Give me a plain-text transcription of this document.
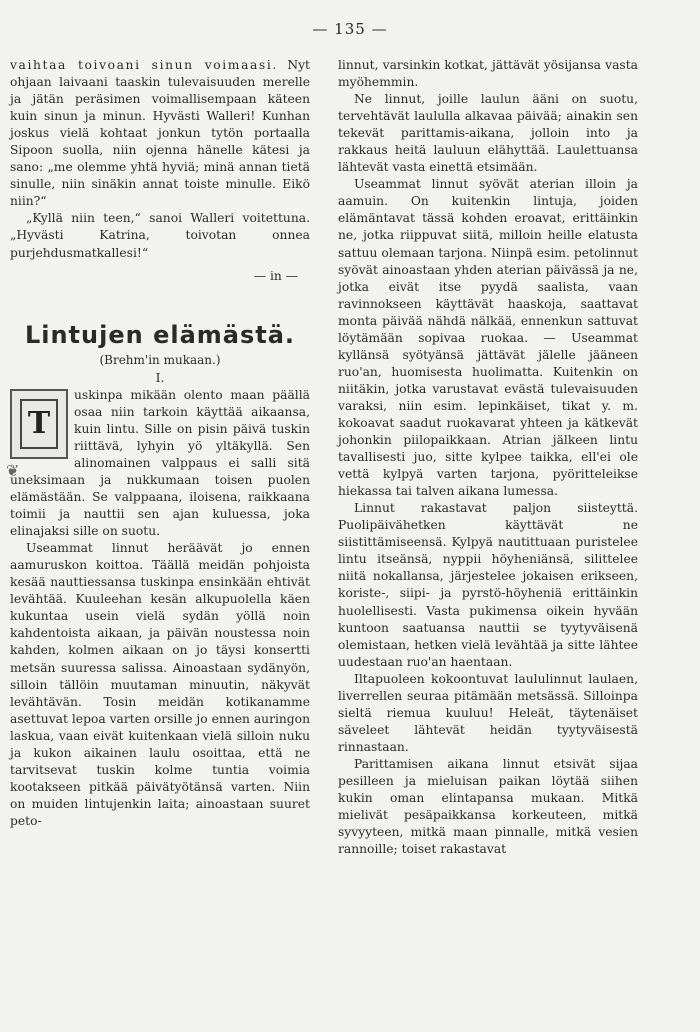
— 135 —

vaihtaa toivoani sinun voimaasi. Nyt ohjaan laivaani taaskin tulevaisuuden merelle ja jätän peräsimen voimallisempaan käteen kuin sinun ja minun. Hyvästi Walleri! Kunhan joskus vielä kohtaat jonkun tytön portaalla Sipoon suolla, niin ojenna hänelle kätesi ja sano: „me olemme yhtä hyviä; minä annan tietä sinulle, niin sinäkin annat toiste minulle. Eikö niin?“

„Kyllä niin teen,“ sanoi Walleri voitettuna. „Hyvästi Katrina, toivotan onnea purjehdusmatkallesi!“

— in —
Lintujen elämästä.
(Brehm'in mukaan.)
I.

T
❦
uskinpa mikään olento maan päällä osaa niin tarkoin käyttää aikaansa, kuin lintu. Sille on pisin päivä tuskin riittävä, lyhyin yö yltäkyllä. Sen alinomainen valppaus ei salli sitä uneksimaan ja nukkumaan toisen puolen elämästään. Se valppaana, iloisena, raikkaana toimii ja nauttii sen ajan kuluessa, joka elinajaksi sille on suotu.

Useammat linnut heräävät jo ennen aamuruskon koittoa. Täällä meidän pohjoista kesää nauttiessansa tuskinpa ensinkään ehtivät levähtää. Kuuleehan kesän alkupuolella käen kukuntaa usein vielä sydän yöllä noin kahdentoista aikaan, ja päivän noustessa noin kahden, kolmen aikaan on jo täysi konsertti metsän suuressa salissa. Ainoastaan sydänyön, silloin tällöin muutaman minuutin, näkyvät levähtävän. Tosin meidän kotikanamme asettuvat lepoa varten orsille jo ennen auringon laskua, vaan eivät kuitenkaan vielä silloin nuku ja kukon aikainen laulu osoittaa, että ne tarvitsevat tuskin kolme tuntia voimia kootakseen pitkää päivätyötänsä varten. Niin on muiden lintujenkin laita; ainoastaan suuret peto-

linnut, varsinkin kotkat, jättävät yösijansa vasta myöhemmin.

Ne linnut, joille laulun ääni on suotu, tervehtävät laululla alkavaa päivää; ainakin sen tekevät parittamis-aikana, jolloin into ja rakkaus heitä lauluun elähyttää. Laulettuansa lähtevät vasta einettä etsimään.

Useammat linnut syövät aterian illoin ja aamuin. On kuitenkin lintuja, joiden elämäntavat tässä kohden eroavat, erittäinkin ne, jotka riippuvat siitä, milloin heille elatusta sattuu olemaan tarjona. Niinpä esim. petolinnut syövät ainoastaan yhden aterian päivässä ja ne, jotka eivät itse pyydä saalista, vaan ravinnokseen käyttävät haaskoja, saattavat monta päivää nähdä nälkää, ennenkun sattuvat löytämään sopivaa ruokaa. — Useammat kyllänsä syötyänsä jättävät jälelle jääneen ruo'an, huomisesta huolimatta. Kuitenkin on niitäkin, jotka varustavat evästä tulevaisuuden varaksi, niin esim. lepinkäiset, tikat y. m. kokoavat saadut ruokavarat yhteen ja kätkevät johonkin piilopaikkaan. Atrian jälkeen lintu tavallisesti juo, sitte kylpee taikka, ell'ei ole vettä kylpyä varten tarjona, pyöritteleikse hiekassa tai talven aikana lumessa.

Linnut rakastavat paljon siisteyttä. Puolipäivähetken käyttävät ne siistittämiseensä. Kylpyä nautittuaan puristelee lintu itseänsä, nyppii höyheniänsä, silittelee niitä nokallansa, järjestelee jokaisen erikseen, koriste-, siipi- ja pyrstö-höyheniä erittäinkin huolellisesti. Vasta pukimensa oikein hyvään kuntoon saatuansa nauttii se tyytyväisenä olemistaan, hetken vielä levähtää ja sitte lähtee uudestaan ruo'an haentaan.

Iltapuoleen kokoontuvat laululinnut laulaen, liverrellen seuraa pitämään metsässä. Silloinpa sieltä riemua kuuluu! Heleät, täytenäiset säveleet lähtevät heidän tyytyväisestä rinnastaan.

Parittamisen aikana linnut etsivät sijaa pesilleen ja mieluisan paikan löytää siihen kukin oman elintapansa mukaan. Mitkä mielivät pesäpaikkansa korkeuteen, mitkä syvyyteen, mitkä maan pinnalle, mitkä vesien rannoille; toiset rakastavat
